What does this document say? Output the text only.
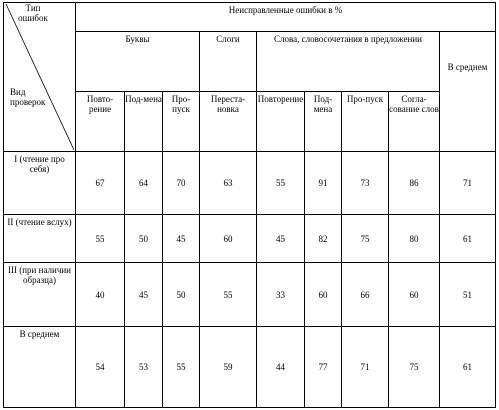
Тип ошибок
Вид проверок	Неисправленные ошибки в %								
	Буквы			Слоги	Слова, словосочетания в предложении				В среднем
	Повто-рение	Под-мена	Про-пуск	Переста-новка	Повторение	Под-мена	Про-пуск	Согла-сование слов	
I (чтение про себя)	67	64	70	63	55	91	73	86	71
II (чтение вслух)	55	50	45	60	45	82	75	80	61
III (при наличии образца)	40	45	50	55	33	60	66	60	51
В среднем	54	53	55	59	44	77	71	75	61
